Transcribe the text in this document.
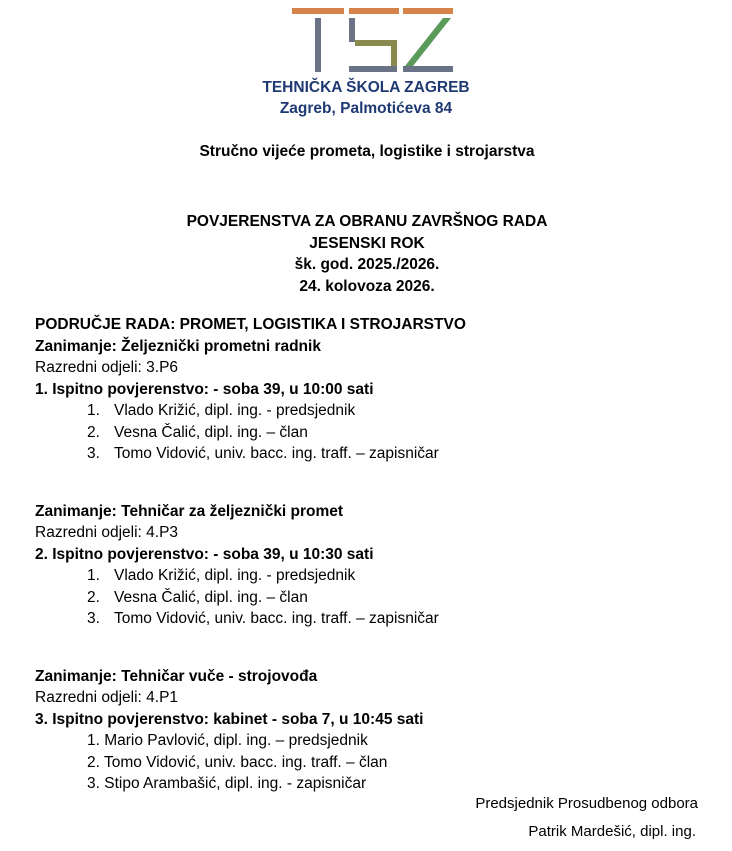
TEHNIČKA ŠKOLA ZAGREB
Zagreb, Palmotićeva 84
Stručno vijeće prometa, logistike i strojarstva
POVJERENSTVA ZA OBRANU ZAVRŠNOG RADA
JESENSKI ROK
šk. god. 2025./2026.
24. kolovoza 2026.
PODRUČJE RADA: PROMET, LOGISTIKA I STROJARSTVO
Zanimanje: Željeznički prometni radnik
Razredni odjeli: 3.P6
1. Ispitno povjerenstvo: - soba 39, u 10:00 sati
1. Vlado Križić, dipl. ing. - predsjednik
2. Vesna Čalić, dipl. ing. – član
3. Tomo Vidović, univ. bacc. ing. traff. – zapisničar
Zanimanje: Tehničar za željeznički promet
Razredni odjeli: 4.P3
2. Ispitno povjerenstvo: - soba 39, u 10:30 sati
1. Vlado Križić, dipl. ing. - predsjednik
2. Vesna Čalić, dipl. ing. – član
3. Tomo Vidović, univ. bacc. ing. traff. – zapisničar
Zanimanje: Tehničar vuče - strojovođa
Razredni odjeli: 4.P1
3. Ispitno povjerenstvo: kabinet - soba 7, u 10:45 sati
1. Mario Pavlović, dipl. ing. – predsjednik
2. Tomo Vidović, univ. bacc. ing. traff. – član
3. Stipo Arambašić, dipl. ing. - zapisničar
Predsjednik Prosudbenog odbora
Patrik Mardešić, dipl. ing.
